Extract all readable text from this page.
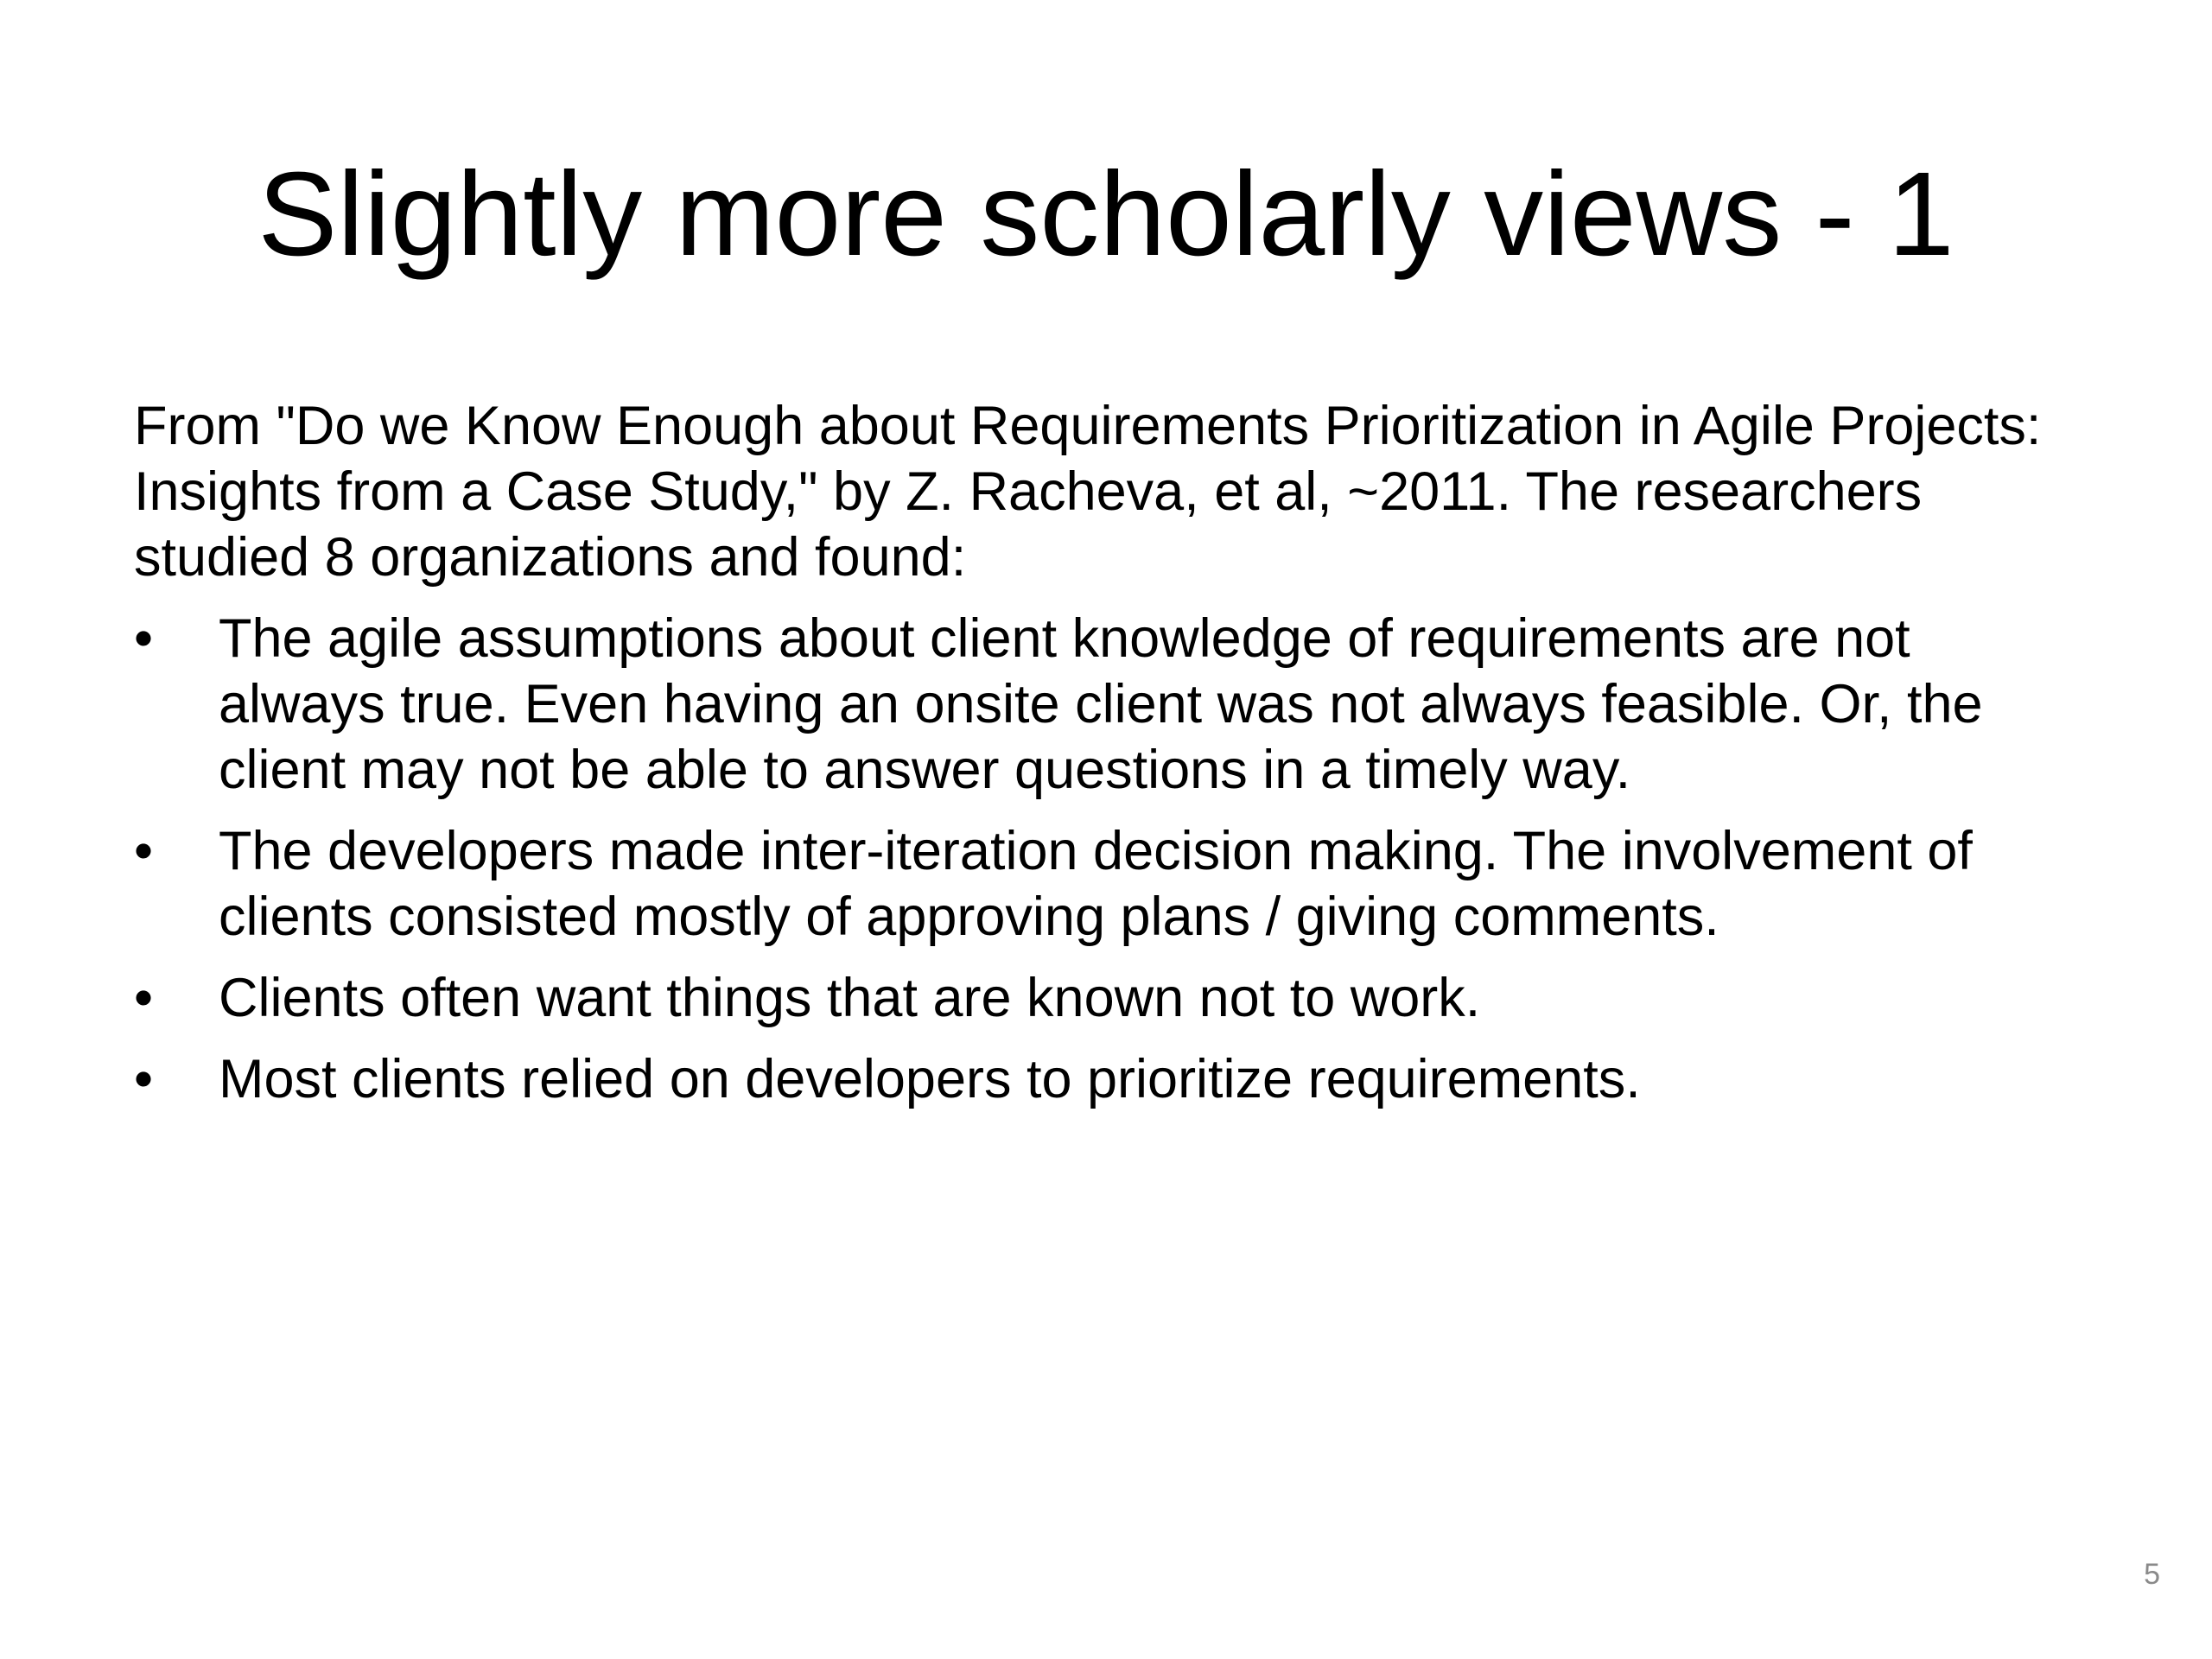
Slightly more scholarly views - 1

From "Do we Know Enough about Requirements Prioritization in Agile Projects: Insights from a Case Study," by Z. Racheva, et al, ~2011. The researchers studied 8 organizations and found:

• The agile assumptions about client knowledge of requirements are not always true. Even having an onsite client was not always feasible. Or, the client may not be able to answer questions in a timely way.
• The developers made inter-iteration decision making. The involvement of clients consisted mostly of approving plans / giving comments.
• Clients often want things that are known not to work.
• Most clients relied on developers to prioritize requirements.
5
